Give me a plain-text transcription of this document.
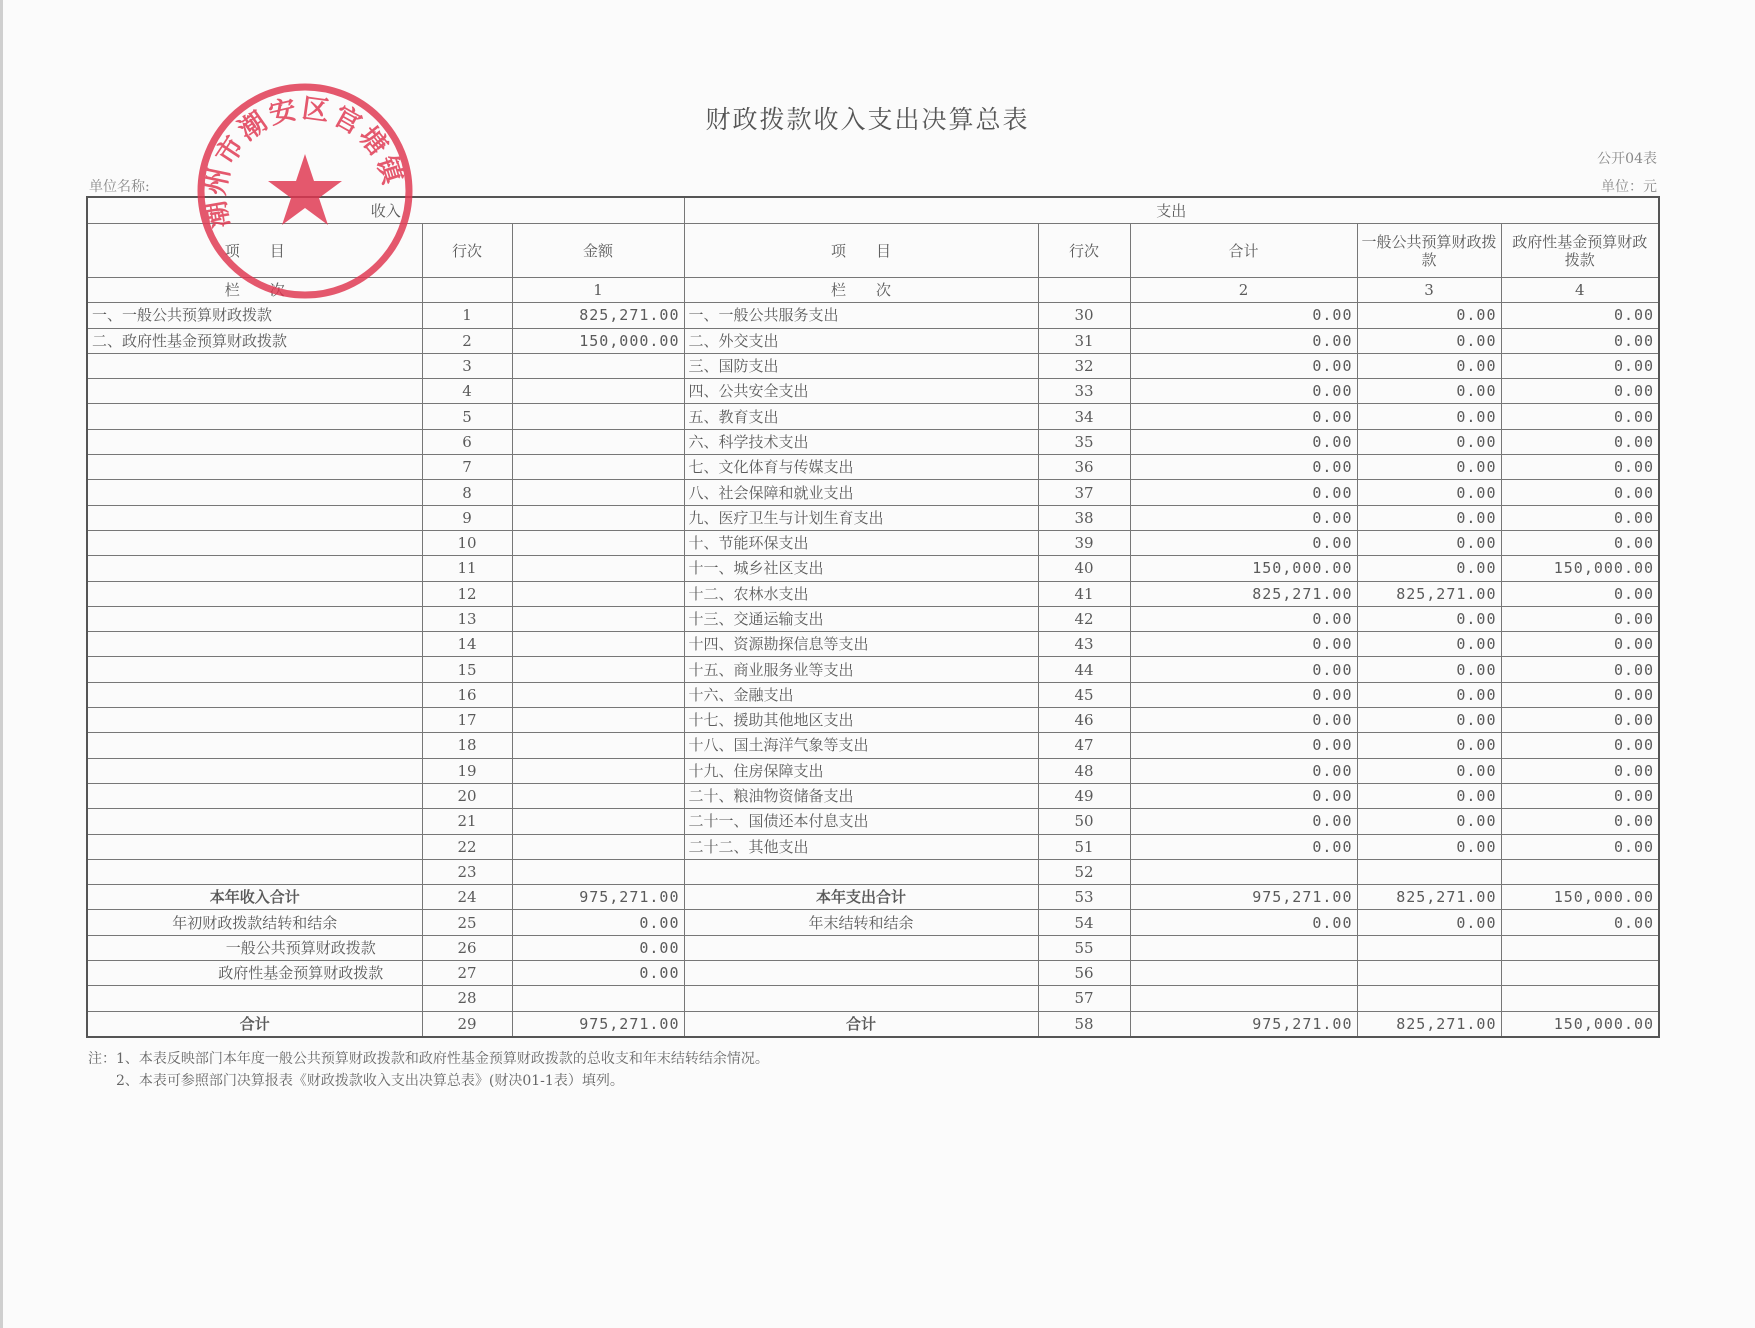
财政拨款收入支出决算总表
公开04表
单位名称:	单位：元
收入			支出				
项　　目	行次	金额	项　　目	行次	合计	一般公共预算财政拨款	政府性基金预算财政拨款
栏　　次		1	栏　　次		2	3	4
一、一般公共预算财政拨款	1	825,271.00	一、一般公共服务支出	30	0.00	0.00	0.00
二、政府性基金预算财政拨款	2	150,000.00	二、外交支出	31	0.00	0.00	0.00
	3		三、国防支出	32	0.00	0.00	0.00
	4		四、公共安全支出	33	0.00	0.00	0.00
	5		五、教育支出	34	0.00	0.00	0.00
	6		六、科学技术支出	35	0.00	0.00	0.00
	7		七、文化体育与传媒支出	36	0.00	0.00	0.00
	8		八、社会保障和就业支出	37	0.00	0.00	0.00
	9		九、医疗卫生与计划生育支出	38	0.00	0.00	0.00
	10		十、节能环保支出	39	0.00	0.00	0.00
	11		十一、城乡社区支出	40	150,000.00	0.00	150,000.00
	12		十二、农林水支出	41	825,271.00	825,271.00	0.00
	13		十三、交通运输支出	42	0.00	0.00	0.00
	14		十四、资源勘探信息等支出	43	0.00	0.00	0.00
	15		十五、商业服务业等支出	44	0.00	0.00	0.00
	16		十六、金融支出	45	0.00	0.00	0.00
	17		十七、援助其他地区支出	46	0.00	0.00	0.00
	18		十八、国土海洋气象等支出	47	0.00	0.00	0.00
	19		十九、住房保障支出	48	0.00	0.00	0.00
	20		二十、粮油物资储备支出	49	0.00	0.00	0.00
	21		二十一、国债还本付息支出	50	0.00	0.00	0.00
	22		二十二、其他支出	51	0.00	0.00	0.00
	23			52			
本年收入合计	24	975,271.00	本年支出合计	53	975,271.00	825,271.00	150,000.00
年初财政拨款结转和结余	25	0.00	年末结转和结余	54	0.00	0.00	0.00
一般公共预算财政拨款	26	0.00		55			
政府性基金预算财政拨款	27	0.00		56			
	28			57			
合计	29	975,271.00	合计	58	975,271.00	825,271.00	150,000.00
注：1、本表反映部门本年度一般公共预算财政拨款和政府性基金预算财政拨款的总收支和年末结转结余情况。
　　2、本表可参照部门决算报表《财政拨款收入支出决算总表》(财决01-1表）填列。
潮州市潮安区官塘镇
